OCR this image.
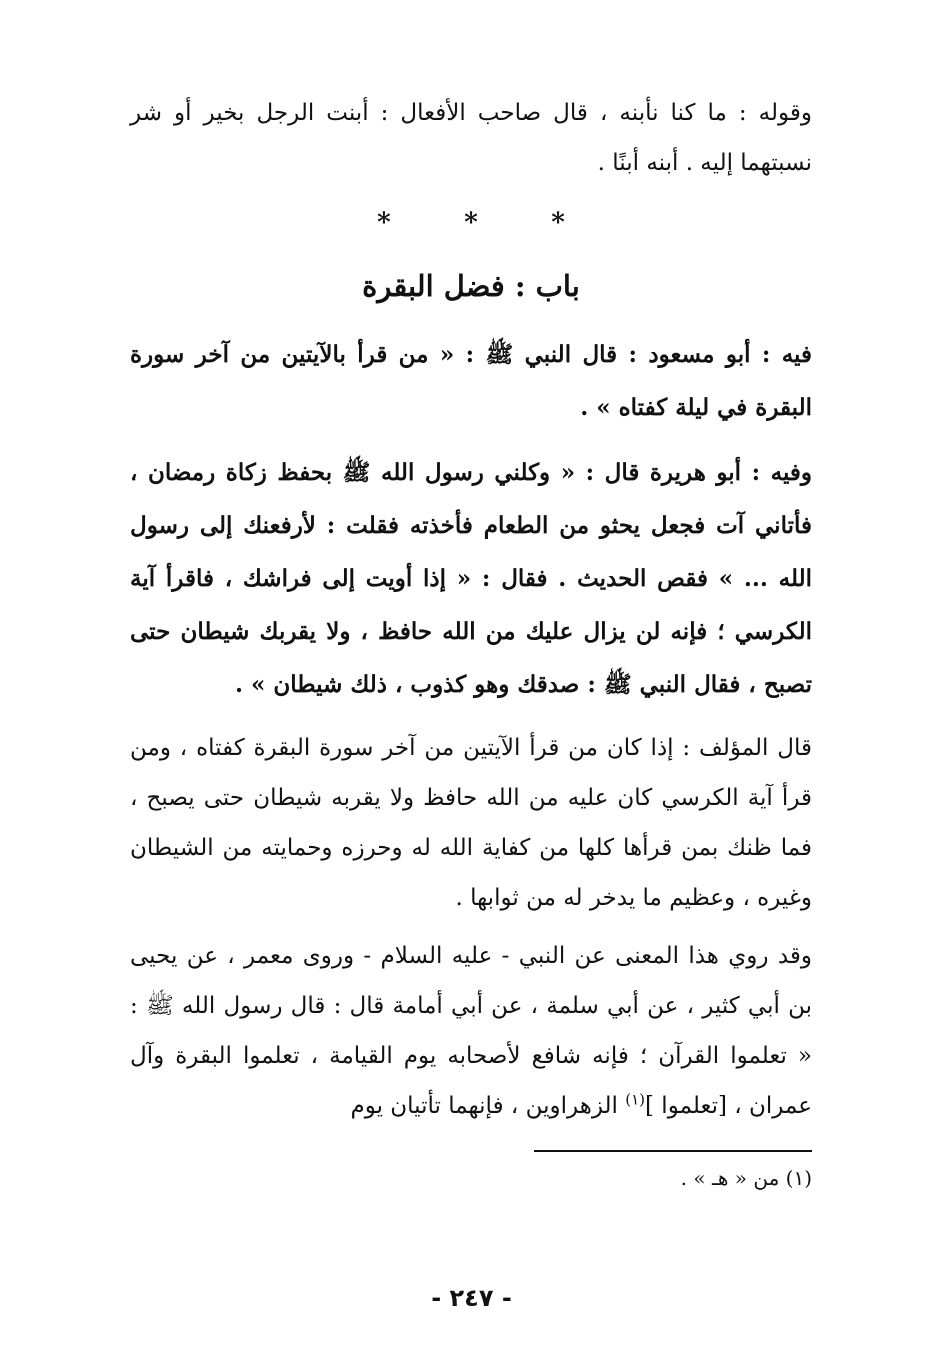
وقوله : ما كنا نأبنه ، قال صاحب الأفعال : أبنت الرجل بخير أو شر نسبتهما إليه . أبنه أبنًا .

*	*	*
باب : فضل البقرة

فيه : أبو مسعود : قال النبي ﷺ : « من قرأ بالآيتين من آخر سورة البقرة في ليلة كفتاه » .

وفيه : أبو هريرة قال : « وكلني رسول الله ﷺ بحفظ زكاة رمضان ، فأتاني آت فجعل يحثو من الطعام فأخذته فقلت : لأرفعنك إلى رسول الله ... » فقص الحديث . فقال : « إذا أويت إلى فراشك ، فاقرأ آية الكرسي ؛ فإنه لن يزال عليك من الله حافظ ، ولا يقربك شيطان حتى تصبح ، فقال النبي ﷺ : صدقك وهو كذوب ، ذلك شيطان » .

قال المؤلف : إذا كان من قرأ الآيتين من آخر سورة البقرة كفتاه ، ومن قرأ آية الكرسي كان عليه من الله حافظ ولا يقربه شيطان حتى يصبح ، فما ظنك بمن قرأها كلها من كفاية الله له وحرزه وحمايته من الشيطان وغيره ، وعظيم ما يدخر له من ثوابها .

وقد روي هذا المعنى عن النبي - عليه السلام - وروى معمر ، عن يحيى بن أبي كثير ، عن أبي سلمة ، عن أبي أمامة قال : قال رسول الله ﷺ : « تعلموا القرآن ؛ فإنه شافع لأصحابه يوم القيامة ، تعلموا البقرة وآل عمران ، [تعلموا ]$^{(١)}$ الزهراوين ، فإنهما تأتيان يوم

(١) من « هـ » .
- ٢٤٧ -
